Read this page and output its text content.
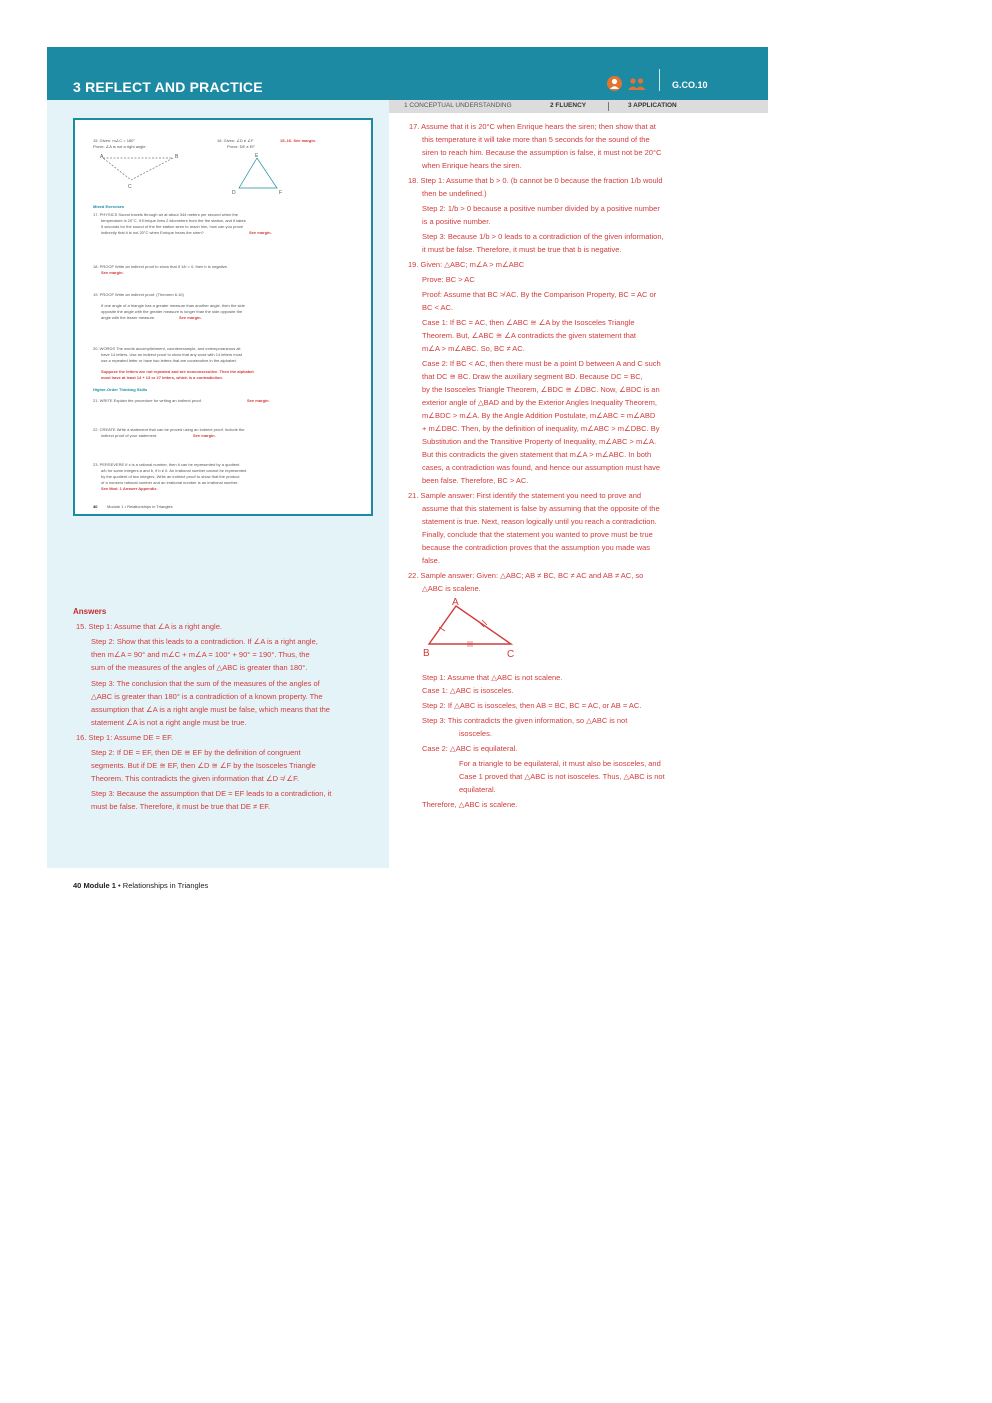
3 REFLECT AND PRACTICE	G.CO.10
1 CONCEPTUAL UNDERSTANDING	2 FLUENCY	3 APPLICATION
15. Given: m∠C = 180°
Prove: ∠A is not a right angle.
16. Given: ∠D ≠ ∠F
Prove: DE ≠ EF
15–16. See margin.
A	B
C
E
D	F
Mixed Exercises
17. PHYSICS Sound travels through air at about 344 meters per second when the
temperature is 20°C. If Enrique lives 2 kilometers from the fire station, and it takes
5 seconds for the sound of the fire station siren to reach him, how can you prove
indirectly that it is not 20°C when Enrique hears the siren?	See margin.
18. PROOF Write an indirect proof to show that if 1/b < 0, then b is negative.
See margin.
19. PROOF Write an indirect proof. (Theorem 6.10)
If one angle of a triangle has a greater measure than another angle, then the side
opposite the angle with the greater measure is longer than the side opposite the
angle with the lesser measure.	See margin.
20. WORDS The words accomplishment, counterexample, and extemporaneous all
have 14 letters. Use an indirect proof to show that any word with 14 letters must
use a repeated letter or have two letters that are consecutive in the alphabet.
Suppose the letters are not repeated and are nonconsecutive. Then the alphabet
must have at least 14 + 13 or 27 letters, which is a contradiction.
Higher-Order Thinking Skills
21. WRITE Explain the procedure for writing an indirect proof.	See margin.
22. CREATE Write a statement that can be proved using an indirect proof. Include the
indirect proof of your statement.	See margin.
23. PERSEVERE If x is a rational number, then it can be represented by a quotient
a/b for some integers a and b, if b ≠ 0. An irrational number cannot be represented
by the quotient of two integers. Write an indirect proof to show that the product
of a nonzero rational number and an irrational number is an irrational number.
See Mod. 1 Answer Appendix.
40 Module 1 • Relationships in Triangles
Answers
15. Step 1: Assume that ∠A is a right angle.
Step 2: Show that this leads to a contradiction. If ∠A is a right angle,
then m∠A = 90° and m∠C + m∠A = 100° + 90° = 190°. Thus, the
sum of the measures of the angles of △ABC is greater than 180°.
Step 3: The conclusion that the sum of the measures of the angles of
△ABC is greater than 180° is a contradiction of a known property. The
assumption that ∠A is a right angle must be false, which means that the
statement ∠A is not a right angle must be true.
16. Step 1: Assume DE = EF.
Step 2: If DE = EF, then DE ≅ EF by the definition of congruent
segments. But if DE ≅ EF, then ∠D ≅ ∠F by the Isosceles Triangle
Theorem. This contradicts the given information that ∠D ≉ ∠F.
Step 3: Because the assumption that DE = EF leads to a contradiction, it
must be false. Therefore, it must be true that DE ≠ EF.
17. Assume that it is 20°C when Enrique hears the siren; then show that at
this temperature it will take more than 5 seconds for the sound of the
siren to reach him. Because the assumption is false, it must not be 20°C
when Enrique hears the siren.
18. Step 1: Assume that b > 0. (b cannot be 0 because the fraction 1/b would
then be undefined.)
Step 2: 1/b > 0 because a positive number divided by a positive number
is a positive number.
Step 3: Because 1/b > 0 leads to a contradiction of the given information,
it must be false. Therefore, it must be true that b is negative.
19. Given: △ABC; m∠A > m∠ABC
Prove: BC > AC
Proof: Assume that BC ≯ AC. By the Comparison Property, BC = AC or
BC < AC.
Case 1: If BC = AC, then ∠ABC ≅ ∠A by the Isosceles Triangle
Theorem. But, ∠ABC ≅ ∠A contradicts the given statement that
m∠A > m∠ABC. So, BC ≠ AC.
Case 2: If BC < AC, then there must be a point D between A and C such
that DC ≅ BC. Draw the auxiliary segment BD. Because DC = BC,
by the Isosceles Triangle Theorem, ∠BDC ≅ ∠DBC. Now, ∠BDC is an
exterior angle of △BAD and by the Exterior Angles Inequality Theorem,
m∠BDC > m∠A. By the Angle Addition Postulate, m∠ABC = m∠ABD
+ m∠DBC. Then, by the definition of inequality, m∠ABC > m∠DBC. By
Substitution and the Transitive Property of Inequality, m∠ABC > m∠A.
But this contradicts the given statement that m∠A > m∠ABC. In both
cases, a contradiction was found, and hence our assumption must have
been false. Therefore, BC > AC.
21. Sample answer: First identify the statement you need to prove and
assume that this statement is false by assuming that the opposite of the
statement is true. Next, reason logically until you reach a contradiction.
Finally, conclude that the statement you wanted to prove must be true
because the contradiction proves that the assumption you made was
false.
22. Sample answer: Given: △ABC; AB ≠ BC, BC ≠ AC and AB ≠ AC, so
△ABC is scalene.
A
B	C
Step 1: Assume that △ABC is not scalene.
Case 1: △ABC is isosceles.
Step 2: If △ABC is isosceles, then AB = BC, BC = AC, or AB = AC.
Step 3: This contradicts the given information, so △ABC is not
isosceles.
Case 2: △ABC is equilateral.
For a triangle to be equilateral, it must also be isosceles, and
Case 1 proved that △ABC is not isosceles. Thus, △ABC is not
equilateral.
Therefore, △ABC is scalene.
40 Module 1 • Relationships in Triangles
